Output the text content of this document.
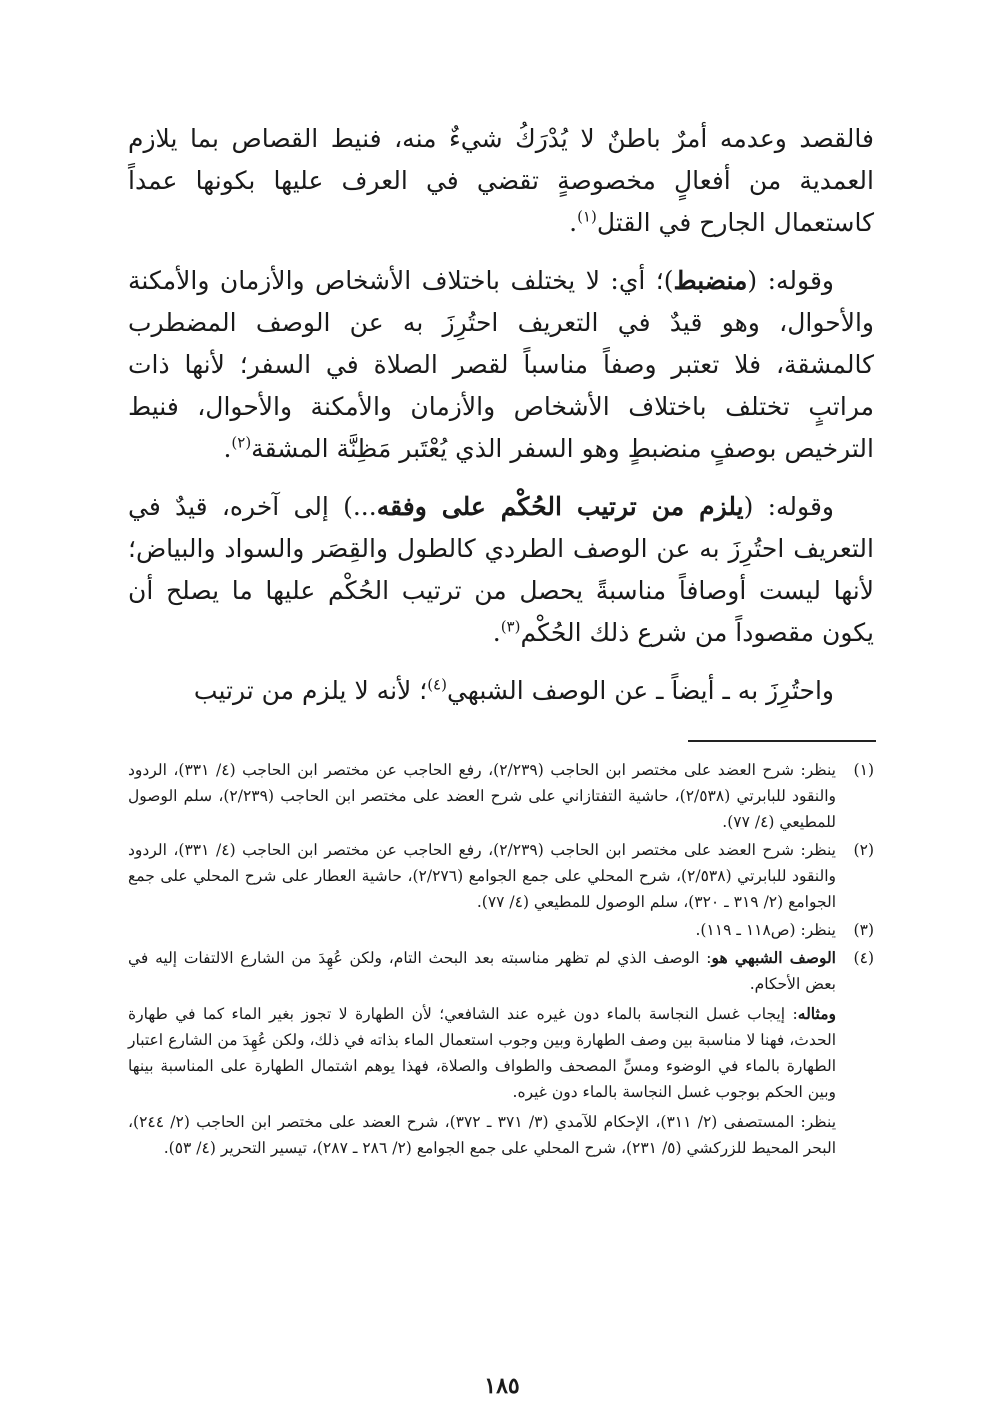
فالقصد وعدمه أمرٌ باطنٌ لا يُدْرَكُ شيءٌ منه، فنيط القصاص بما يلازم العمدية من أفعالٍ مخصوصةٍ تقضي في العرف عليها بكونها عمداً كاستعمال الجارح في القتل$^{(١)}$.

وقوله: (منضبط)؛ أي: لا يختلف باختلاف الأشخاص والأزمان والأمكنة والأحوال، وهو قيدٌ في التعريف احتُرِزَ به عن الوصف المضطرب كالمشقة، فلا تعتبر وصفاً مناسباً لقصر الصلاة في السفر؛ لأنها ذات مراتبٍ تختلف باختلاف الأشخاص والأزمان والأمكنة والأحوال، فنيط الترخيص بوصفٍ منضبطٍ وهو السفر الذي يُعْتَبر مَظِنَّة المشقة$^{(٢)}$.

وقوله: (يلزم من ترتيب الحُكْم على وفقه...) إلى آخره، قيدٌ في التعريف احتُرِزَ به عن الوصف الطردي كالطول والقِصَر والسواد والبياض؛ لأنها ليست أوصافاً مناسبةً يحصل من ترتيب الحُكْم عليها ما يصلح أن يكون مقصوداً من شرع ذلك الحُكْم$^{(٣)}$.

واحتُرِزَ به ـ أيضاً ـ عن الوصف الشبهي$^{(٤)}$؛ لأنه لا يلزم من ترتيب

(١)

ينظر: شرح العضد على مختصر ابن الحاجب (٢/٢٣٩)، رفع الحاجب عن مختصر ابن الحاجب (٤/ ٣٣١)، الردود والنقود للبابرتي (٢/٥٣٨)، حاشية التفتازاني على شرح العضد على مختصر ابن الحاجب (٢/٢٣٩)، سلم الوصول للمطيعي (٤/ ٧٧).

(٢)

ينظر: شرح العضد على مختصر ابن الحاجب (٢/٢٣٩)، رفع الحاجب عن مختصر ابن الحاجب (٤/ ٣٣١)، الردود والنقود للبابرتي (٢/٥٣٨)، شرح المحلي على جمع الجوامع (٢/٢٧٦)، حاشية العطار على شرح المحلي على جمع الجوامع (٢/ ٣١٩ ـ ٣٢٠)، سلم الوصول للمطيعي (٤/ ٧٧).

(٣)

ينظر: (ص١١٨ ـ ١١٩).

(٤)

الوصف الشبهي هو: الوصف الذي لم تظهر مناسبته بعد البحث التام، ولكن عُهِدَ من الشارع الالتفات إليه في بعض الأحكام.

ومثاله: إيجاب غسل النجاسة بالماء دون غيره عند الشافعي؛ لأن الطهارة لا تجوز بغير الماء كما في طهارة الحدث، فهنا لا مناسبة بين وصف الطهارة وبين وجوب استعمال الماء بذاته في ذلك، ولكن عُهِدَ من الشارع اعتبار الطهارة بالماء في الوضوء ومسِّ المصحف والطواف والصلاة، فهذا يوهم اشتمال الطهارة على المناسبة بينها وبين الحكم بوجوب غسل النجاسة بالماء دون غيره.

ينظر: المستصفى (٢/ ٣١١)، الإحكام للآمدي (٣/ ٣٧١ ـ ٣٧٢)، شرح العضد على مختصر ابن الحاجب (٢/ ٢٤٤)، البحر المحيط للزركشي (٥/ ٢٣١)، شرح المحلي على جمع الجوامع (٢/ ٢٨٦ ـ ٢٨٧)، تيسير التحرير (٤/ ٥٣).

١٨٥
